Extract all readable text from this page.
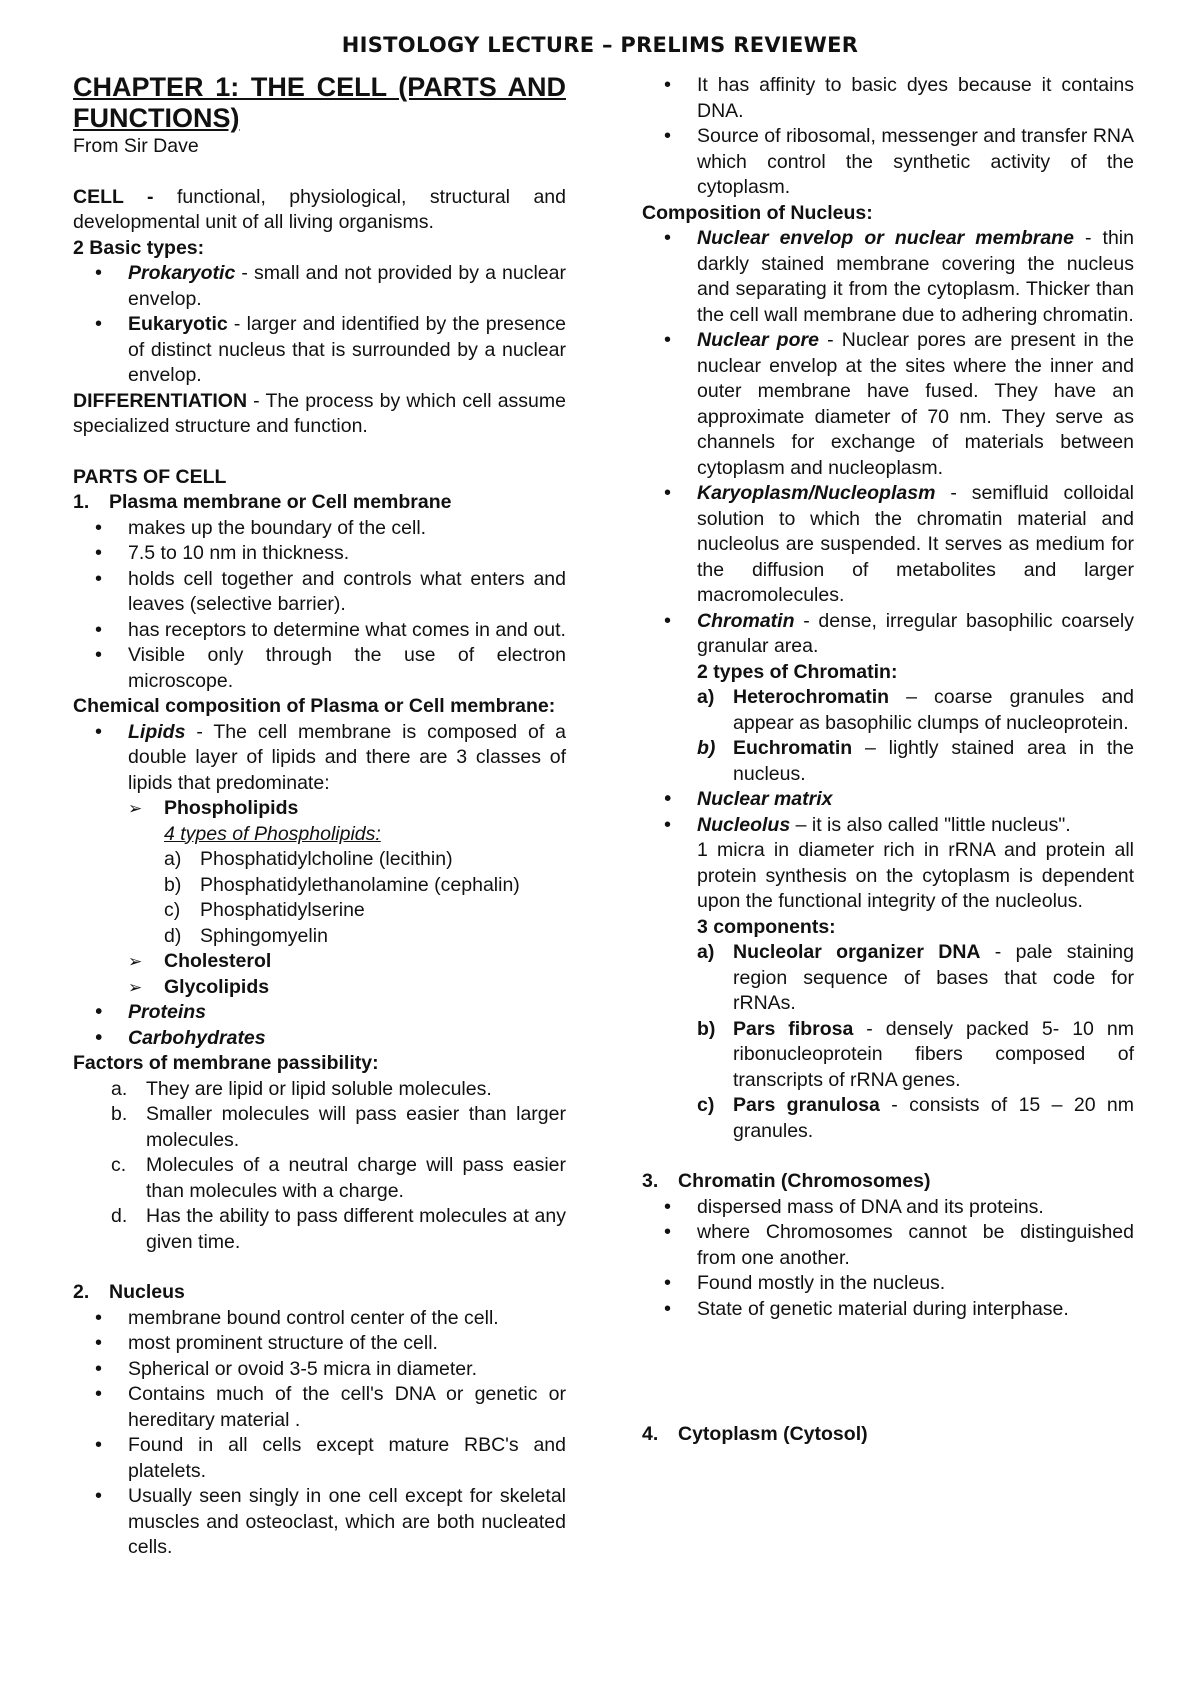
HISTOLOGY LECTURE – PRELIMS REVIEWER
CHAPTER 1: THE CELL (PARTS AND FUNCTIONS)

From Sir Dave

CELL - functional, physiological, structural and developmental unit of all living organisms.

2 Basic types:

• Prokaryotic - small and not provided by a nuclear envelop.
• Eukaryotic - larger and identified by the presence of distinct nucleus that is surrounded by a nuclear envelop.

DIFFERENTIATION - The process by which cell assume specialized structure and function.

PARTS OF CELL

1. Plasma membrane or Cell membrane

• makes up the boundary of the cell.
• 7.5 to 10 nm in thickness.
• holds cell together and controls what enters and leaves (selective barrier).
• has receptors to determine what comes in and out.
• Visible only through the use of electron microscope.

Chemical composition of Plasma or Cell membrane:

• Lipids - The cell membrane is composed of a double layer of lipids and there are 3 classes of lipids that predominate:
➢ Phospholipids
4 types of Phospholipids:
a) Phosphatidylcholine (lecithin)
b) Phosphatidylethanolamine (cephalin)
c) Phosphatidylserine
d) Sphingomyelin
➢ Cholesterol
➢ Glycolipids
• Proteins
• Carbohydrates

Factors of membrane passibility:

a. They are lipid or lipid soluble molecules.
b. Smaller molecules will pass easier than larger molecules.
c. Molecules of a neutral charge will pass easier than molecules with a charge.
d. Has the ability to pass different molecules at any given time.

2. Nucleus

• membrane bound control center of the cell.
• most prominent structure of the cell.
• Spherical or ovoid 3-5 micra in diameter.
• Contains much of the cell's DNA or genetic or hereditary material .
• Found in all cells except mature RBC's and platelets.
• Usually seen singly in one cell except for skeletal muscles and osteoclast, which are both nucleated cells.
• It has affinity to basic dyes because it contains DNA.
• Source of ribosomal, messenger and transfer RNA which control the synthetic activity of the cytoplasm.

Composition of Nucleus:

• Nuclear envelop or nuclear membrane - thin darkly stained membrane covering the nucleus and separating it from the cytoplasm. Thicker than the cell wall membrane due to adhering chromatin.
• Nuclear pore - Nuclear pores are present in the nuclear envelop at the sites where the inner and outer membrane have fused. They have an approximate diameter of 70 nm. They serve as channels for exchange of materials between cytoplasm and nucleoplasm.
• Karyoplasm/Nucleoplasm - semifluid colloidal solution to which the chromatin material and nucleolus are suspended. It serves as medium for the diffusion of metabolites and larger macromolecules.
• Chromatin - dense, irregular basophilic coarsely granular area.
2 types of Chromatin:
a) Heterochromatin – coarse granules and appear as basophilic clumps of nucleoprotein.
b) Euchromatin – lightly stained area in the nucleus.
• Nuclear matrix
• Nucleolus – it is also called "little nucleus".
1 micra in diameter rich in rRNA and protein all protein synthesis on the cytoplasm is dependent upon the functional integrity of the nucleolus.
3 components:
a) Nucleolar organizer DNA - pale staining region sequence of bases that code for rRNAs.
b) Pars fibrosa - densely packed 5- 10 nm ribonucleoprotein fibers composed of transcripts of rRNA genes.
c) Pars granulosa - consists of 15 – 20 nm granules.

3. Chromatin (Chromosomes)

• dispersed mass of DNA and its proteins.
• where Chromosomes cannot be distinguished from one another.
• Found mostly in the nucleus.
• State of genetic material during interphase.

4. Cytoplasm (Cytosol)
